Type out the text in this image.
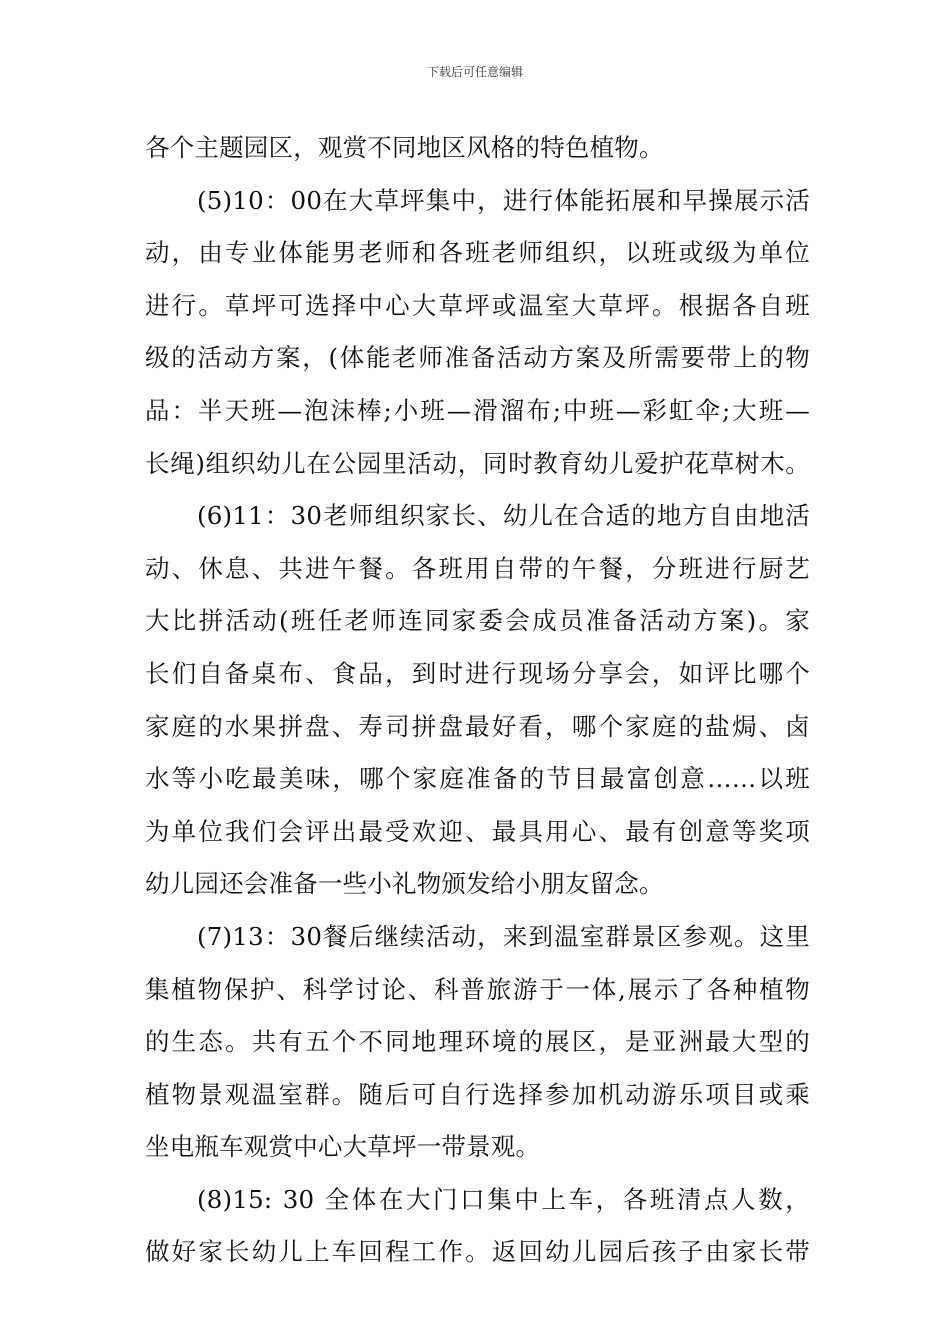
下载后可任意编辑
各个主题园区，观赏不同地区风格的特色植物。
(5)10：00在大草坪集中，进行体能拓展和早操展示活
动，由专业体能男老师和各班老师组织，以班或级为单位
进行。草坪可选择中心大草坪或温室大草坪。根据各自班
级的活动方案，(体能老师准备活动方案及所需要带上的物
品：半天班—泡沫棒;小班—滑溜布;中班—彩虹伞;大班—
长绳)组织幼儿在公园里活动，同时教育幼儿爱护花草树木。
(6)11：30老师组织家长、幼儿在合适的地方自由地活
动、休息、共进午餐。各班用自带的午餐，分班进行厨艺
大比拼活动(班任老师连同家委会成员准备活动方案)。家
长们自备桌布、食品，到时进行现场分享会，如评比哪个
家庭的水果拼盘、寿司拼盘最好看，哪个家庭的盐焗、卤
水等小吃最美味，哪个家庭准备的节目最富创意……以班
为单位我们会评出最受欢迎、最具用心、最有创意等奖项
幼儿园还会准备一些小礼物颁发给小朋友留念。
(7)13：30餐后继续活动，来到温室群景区参观。这里
集植物保护、科学讨论、科普旅游于一体,展示了各种植物
的生态。共有五个不同地理环境的展区，是亚洲最大型的
植物景观温室群。随后可自行选择参加机动游乐项目或乘
坐电瓶车观赏中心大草坪一带景观。
(8)15: 30 全体在大门口集中上车，各班清点人数，
做好家长幼儿上车回程工作。返回幼儿园后孩子由家长带
